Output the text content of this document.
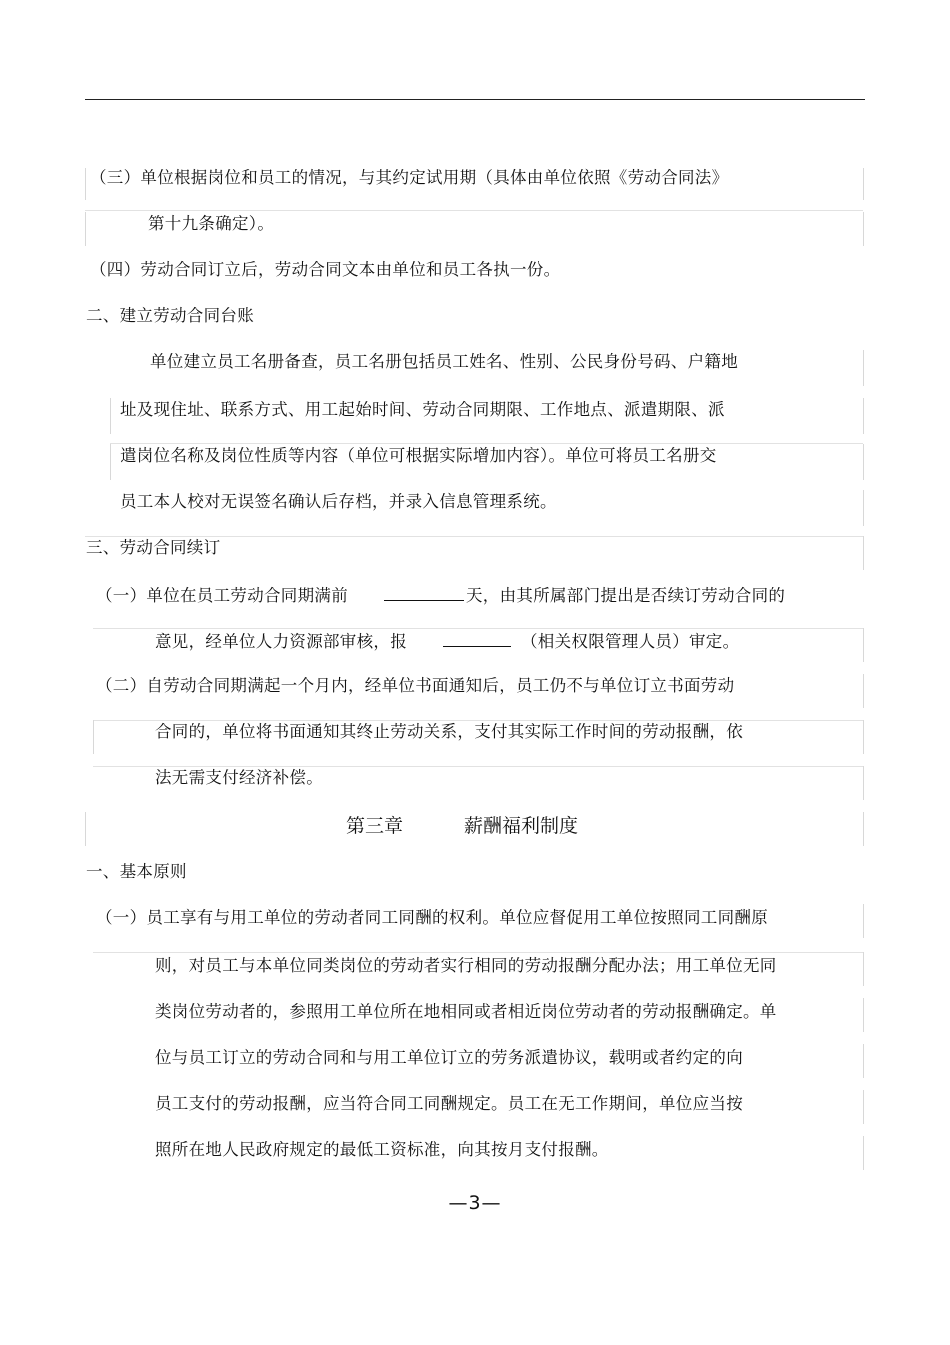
（三）单位根据岗位和员工的情况，与其约定试用期（具体由单位依照《劳动合同法》
第十九条确定）。
（四）劳动合同订立后，劳动合同文本由单位和员工各执一份。
二、建立劳动合同台账
单位建立员工名册备查，员工名册包括员工姓名、性别、公民身份号码、户籍地
址及现住址、联系方式、用工起始时间、劳动合同期限、工作地点、派遣期限、派
遣岗位名称及岗位性质等内容（单位可根据实际增加内容）。单位可将员工名册交
员工本人校对无误签名确认后存档，并录入信息管理系统。
三、劳动合同续订
（一）单位在员工劳动合同期满前	天，由其所属部门提出是否续订劳动合同的
意见，经单位人力资源部审核，报	（相关权限管理人员）审定。
（二）自劳动合同期满起一个月内，经单位书面通知后，员工仍不与单位订立书面劳动
合同的，单位将书面通知其终止劳动关系，支付其实际工作时间的劳动报酬，依
法无需支付经济补偿。
第三章	薪酬福利制度
一、基本原则
（一）员工享有与用工单位的劳动者同工同酬的权利。单位应督促用工单位按照同工同酬原
则，对员工与本单位同类岗位的劳动者实行相同的劳动报酬分配办法；用工单位无同
类岗位劳动者的，参照用工单位所在地相同或者相近岗位劳动者的劳动报酬确定。单
位与员工订立的劳动合同和与用工单位订立的劳务派遣协议，载明或者约定的向
员工支付的劳动报酬，应当符合同工同酬规定。员工在无工作期间，单位应当按
照所在地人民政府规定的最低工资标准，向其按月支付报酬。
—3—
